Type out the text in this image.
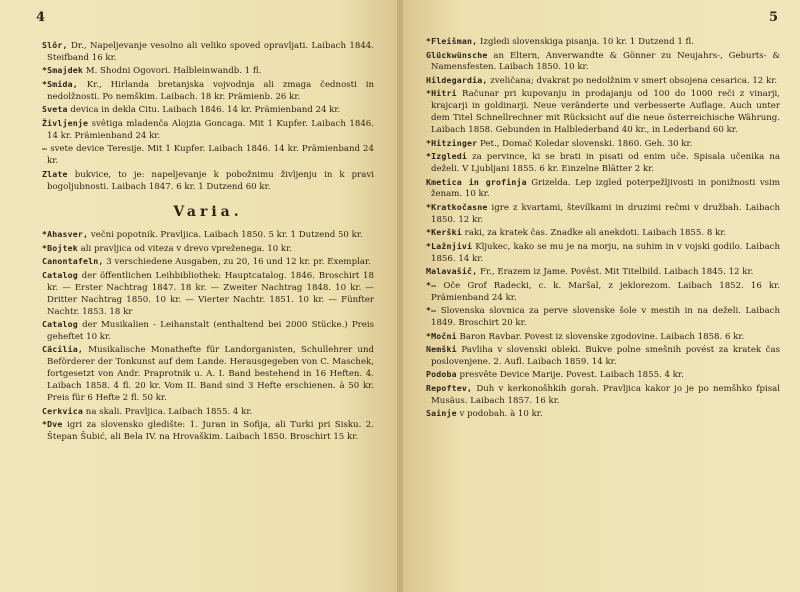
4

Slôr, Dr., Napeljevanje vesolno ali veliko spoved opravljati. Laibach 1844. Steifband 16 kr.

*Smajdek M. Shodni Ogovori. Halbleinwandb. 1 fl.

*Smida, Kr., Hirlanda bretanjska vojvodnja ali zmaga čednosti in nedolžnosti. Po nemškim. Laibach. 18 kr. Prämienb. 26 kr.

Sveta devica in dekla Citu. Laibach 1846. 14 kr. Prämienband 24 kr.

Življenje svêtiga mladenča Alojzia Goncaga. Mit 1 Kupfer. Laibach 1846. 14 kr. Prämienband 24 kr.

— svete device Teresije. Mit 1 Kupfer. Laibach 1846. 14 kr. Prämienband 24 kr.

Zlate bukvice, to je: napeljevanje k pobožnimu življenju in k pravi bogoljubnosti. Laibach 1847. 6 kr. 1 Dutzend 60 kr.

Varia.

*Ahasver, večni popotnik. Pravljica. Laibach 1850. 5 kr. 1 Dutzend 50 kr.

*Bojtek ali pravljica od viteza v drevo vpreženega. 10 kr.

Canontafeln, 3 verschiedene Ausgaben, zu 20, 16 und 12 kr. pr. Exemplar.

Catalog der öffentlichen Leihbibliothek: Hauptcatalog. 1846. Broschirt 18 kr. — Erster Nachtrag 1847. 18 kr. — Zweiter Nachtrag 1848. 10 kr. — Dritter Nachtrag 1850. 10 kr. — Vierter Nachtr. 1851. 10 kr. — Fünfter Nachtr. 1853. 18 kr

Catalog der Musikalien - Leihanstalt (enthaltend bei 2000 Stücke.) Preis geheftet 10 kr.

Cäcilia, Musikalische Monathefte für Landorganisten, Schullehrer und Beförderer der Tonkunst auf dem Lande. Herausgegeben von C. Maschek, fortgesetzt von Andr. Praprotnik u. A. I. Band bestehend in 16 Heften. 4. Laibach 1858. 4 fl. 20 kr. Vom II. Band sind 3 Hefte erschienen. à 50 kr. Preis für 6 Hefte 2 fl. 50 kr.

Cerkvica na skali. Pravljica. Laibach 1855. 4 kr.

*Dve igri za slovensko gledište: 1. Juran in Sofija, ali Turki pri Sisku. 2. Štepan Šubić, ali Bela IV. na Hrovaškim. Laibach 1850. Broschirt 15 kr.

5

*Fleišman, Izgledi slovenskiga pisanja. 10 kr. 1 Dutzend 1 fl.

Glückwünsche an Eltern, Anverwandte & Gönner zu Neujahrs-, Geburts- & Namensfesten. Laibach 1850. 10 kr.

Hildegardia, zveličana; dvakrat po nedolžnim v smert obsojena cesarica. 12 kr.

*Hitri Računar pri kupovanju in prodajanju od 100 do 1000 reči z vinarji, krajcarji in goldinarji. Neue veränderte und verbesserte Auflage. Auch unter dem Titel Schnellrechner mit Rücksicht auf die neue österreichische Währung. Laibach 1858. Gebunden in Halblederband 40 kr., in Lederband 60 kr.

*Hitzinger Pet., Domač Koledar slovenski. 1860. Geh. 30 kr.

*Izgledi za pervince, ki se brati in pisati od enim uče. Spisala učenika na deželi. V Ljubljani 1855. 6 kr. Einzelne Blätter 2 kr.

Kmetica in grofinja Grizelda. Lep izgled poterpežljivosti in ponižnosti vsim ženam. 10 kr.

*Kratkočasne igre z kvartami, števílkami in druzimi rečmi v družbah. Laibach 1850. 12 kr.

*Kerški raki, za kratek čas. Znadke ali anekdoti. Laibach 1855. 8 kr.

*Lažnjivi Kljukec, kako se mu je na morju, na suhim in v vojski godilo. Laibach 1856. 14 kr.

Malavašič, Fr., Erazem iz Jame. Povêst. Mit Titelbild. Laibach 1845. 12 kr.

*— Oče Grof Radecki, c. k. Maršal, z jeklorezom. Laibach 1852. 16 kr. Prämienband 24 kr.

*— Slovenska slovnica za perve slovenske šole v mestih in na deželi. Laibach 1849. Broschirt 20 kr.

*Močni Baron Ravbar. Povest iz slovenske zgodovine. Laibach 1858. 6 kr.

Nemški Pavliha v slovenski obleki. Bukve polne smešnih povést za kratek čas poslovenjene. 2. Aufl. Laibach 1859. 14 kr.

Podoba presvête Device Marije. Povest. Laibach 1855. 4 kr.

Repoftev, Duh v kerkonošhkih gorah. Pravljica kakor jo je po nemšhko fpisal Musäus. Laibach 1857. 16 kr.

Sainje v podobah. à 10 kr.
